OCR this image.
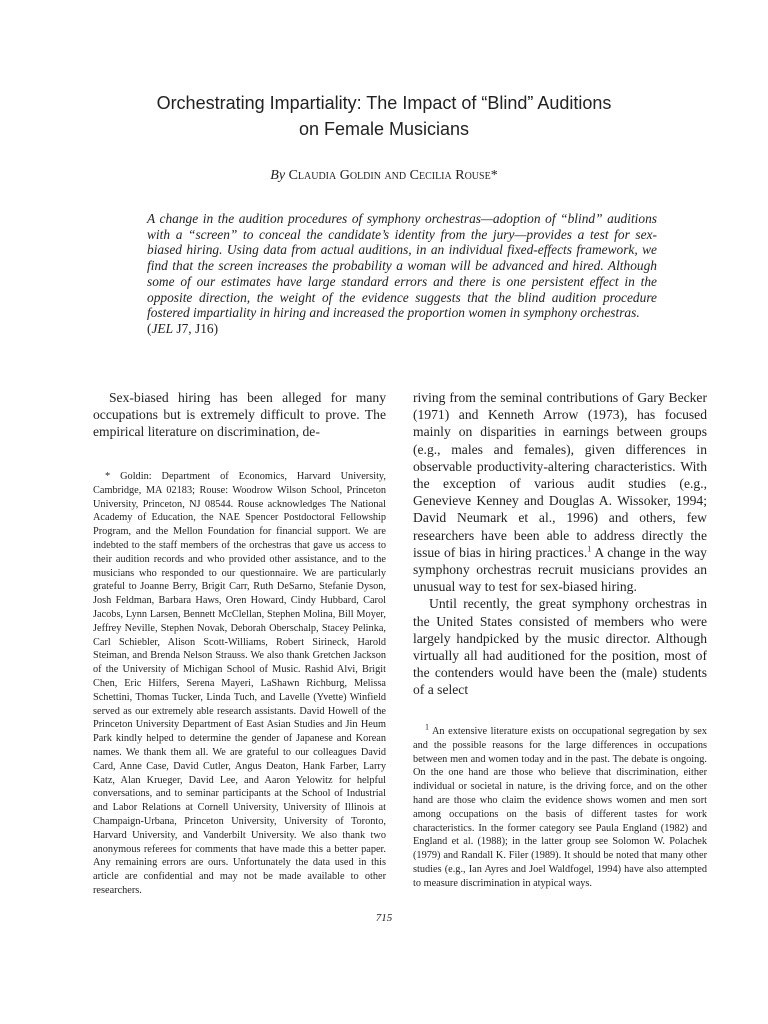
Orchestrating Impartiality: The Impact of “Blind” Auditions
on Female Musicians
By Claudia Goldin and Cecilia Rouse*
A change in the audition procedures of symphony orchestras—adoption of “blind” auditions with a “screen” to conceal the candidate’s identity from the jury—provides a test for sex-biased hiring. Using data from actual auditions, in an individual fixed-effects framework, we find that the screen increases the probability a woman will be advanced and hired. Although some of our estimates have large standard errors and there is one persistent effect in the opposite direction, the weight of the evidence suggests that the blind audition procedure fostered impartiality in hiring and increased the proportion women in symphony orchestras.
(JEL J7, J16)

Sex-biased hiring has been alleged for many occupations but is extremely difficult to prove. The empirical literature on discrimination, de-

* Goldin: Department of Economics, Harvard University, Cambridge, MA 02183; Rouse: Woodrow Wilson School, Princeton University, Princeton, NJ 08544. Rouse acknowledges The National Academy of Education, the NAE Spencer Postdoctoral Fellowship Program, and the Mellon Foundation for financial support. We are indebted to the staff members of the orchestras that gave us access to their audition records and who provided other assistance, and to the musicians who responded to our questionnaire. We are particularly grateful to Joanne Berry, Brigit Carr, Ruth DeSarno, Stefanie Dyson, Josh Feldman, Barbara Haws, Oren Howard, Cindy Hubbard, Carol Jacobs, Lynn Larsen, Bennett McClellan, Stephen Molina, Bill Moyer, Jeffrey Neville, Stephen Novak, Deborah Oberschalp, Stacey Pelinka, Carl Schiebler, Alison Scott-Williams, Robert Sirineck, Harold Steiman, and Brenda Nelson Strauss. We also thank Gretchen Jackson of the University of Michigan School of Music. Rashid Alvi, Brigit Chen, Eric Hilfers, Serena Mayeri, LaShawn Richburg, Melissa Schettini, Thomas Tucker, Linda Tuch, and Lavelle (Yvette) Winfield served as our extremely able research assistants. David Howell of the Princeton University Department of East Asian Studies and Jin Heum Park kindly helped to determine the gender of Japanese and Korean names. We thank them all. We are grateful to our colleagues David Card, Anne Case, David Cutler, Angus Deaton, Hank Farber, Larry Katz, Alan Krueger, David Lee, and Aaron Yelowitz for helpful conversations, and to seminar participants at the School of Industrial and Labor Relations at Cornell University, University of Illinois at Champaign-Urbana, Princeton University, University of Toronto, Harvard University, and Vanderbilt University. We also thank two anonymous referees for comments that have made this a better paper. Any remaining errors are ours. Unfortunately the data used in this article are confidential and may not be made available to other researchers.

riving from the seminal contributions of Gary Becker (1971) and Kenneth Arrow (1973), has focused mainly on disparities in earnings between groups (e.g., males and females), given differences in observable productivity-altering characteristics. With the exception of various audit studies (e.g., Genevieve Kenney and Douglas A. Wissoker, 1994; David Neumark et al., 1996) and others, few researchers have been able to address directly the issue of bias in hiring practices.$^1$ A change in the way symphony orchestras recruit musicians provides an unusual way to test for sex-biased hiring.

Until recently, the great symphony orchestras in the United States consisted of members who were largely handpicked by the music director. Although virtually all had auditioned for the position, most of the contenders would have been the (male) students of a select

$^1$ An extensive literature exists on occupational segregation by sex and the possible reasons for the large differences in occupations between men and women today and in the past. The debate is ongoing. On the one hand are those who believe that discrimination, either individual or societal in nature, is the driving force, and on the other hand are those who claim the evidence shows women and men sort among occupations on the basis of different tastes for work characteristics. In the former category see Paula England (1982) and England et al. (1988); in the latter group see Solomon W. Polachek (1979) and Randall K. Filer (1989). It should be noted that many other studies (e.g., Ian Ayres and Joel Waldfogel, 1994) have also attempted to measure discrimination in atypical ways.

715
